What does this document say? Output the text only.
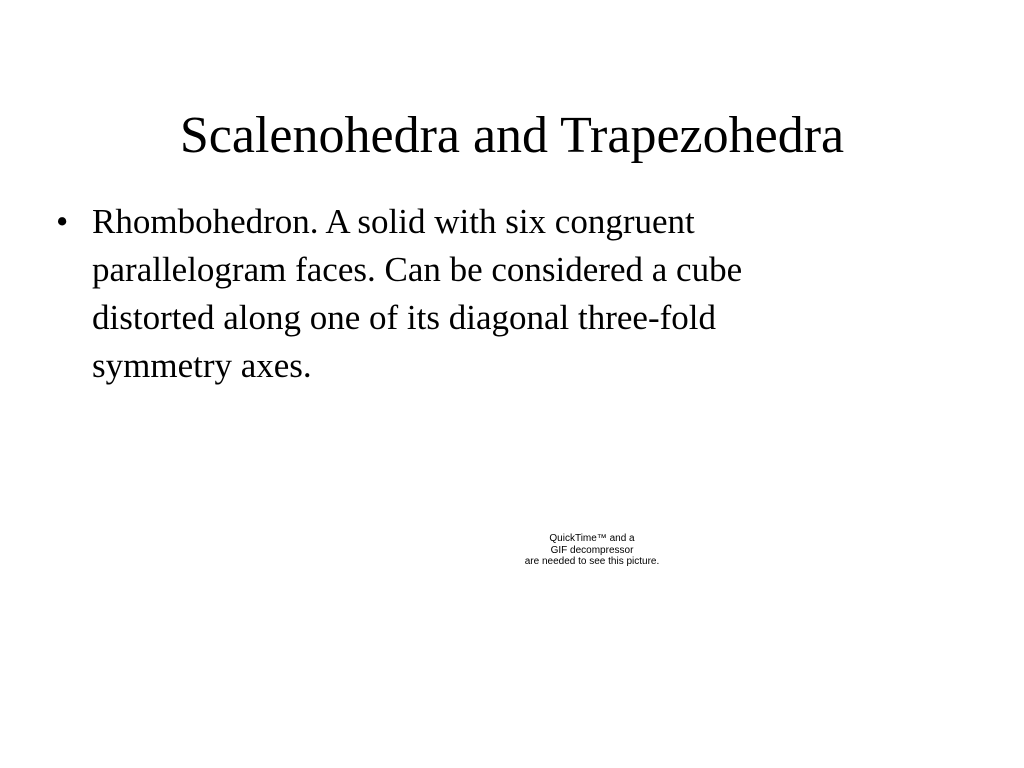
Scalenohedra and Trapezohedra
• Rhombohedron. A solid with six congruent parallelogram faces. Can be considered a cube distorted along one of its diagonal three-fold symmetry axes.
QuickTime™ and a
GIF decompressor
are needed to see this picture.
